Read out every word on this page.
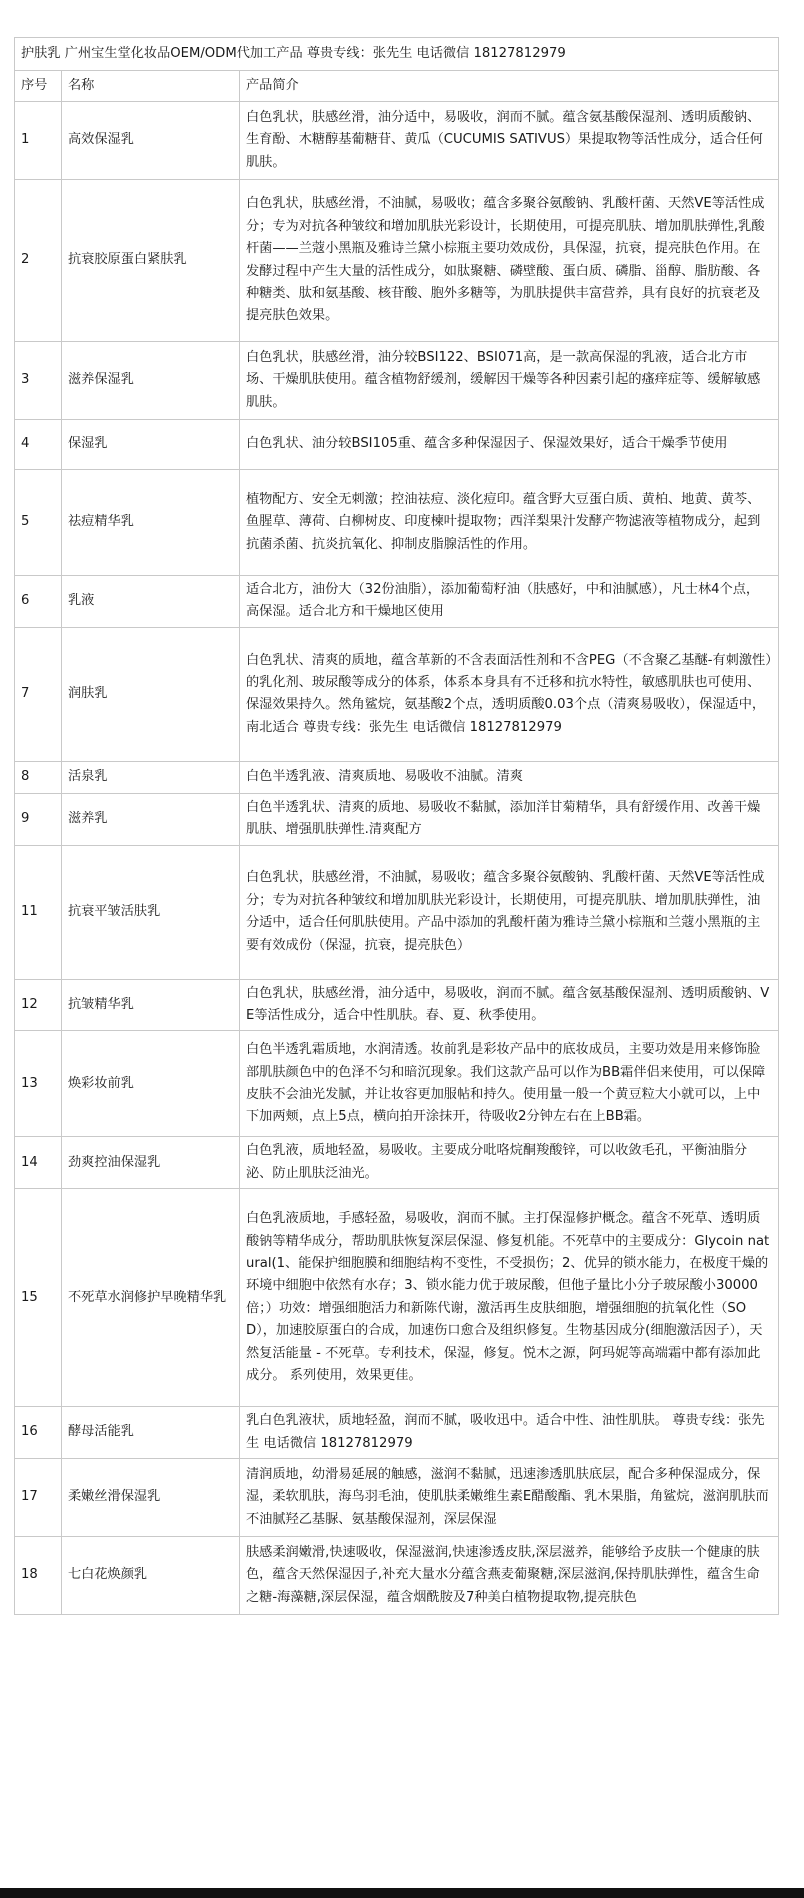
护肤乳 广州宝生堂化妆品OEM/ODM代加工产品 尊贵专线：张先生 电话微信 18127812979		
序号	名称	产品简介
1	高效保湿乳	白色乳状，肤感丝滑，油分适中，易吸收，润而不腻。蕴含氨基酸保湿剂、透明质酸钠、生育酚、木糖醇基葡糖苷、黄瓜（CUCUMIS SATIVUS）果提取物等活性成分，适合任何肌肤。
2	抗衰胶原蛋白紧肤乳	白色乳状，肤感丝滑，不油腻，易吸收；蕴含多聚谷氨酸钠、乳酸杆菌、天然VE等活性成分；专为对抗各种皱纹和增加肌肤光彩设计，长期使用，可提亮肌肤、增加肌肤弹性,乳酸杆菌——兰蔻小黑瓶及雅诗兰黛小棕瓶主要功效成份，具保湿，抗衰，提亮肤色作用。在发酵过程中产生大量的活性成分，如肽聚糖、磷壁酸、蛋白质、磷脂、甾醇、脂肪酸、各种糖类、肽和氨基酸、核苷酸、胞外多糖等，为肌肤提供丰富营养，具有良好的抗衰老及提亮肤色效果。
3	滋养保湿乳	白色乳状，肤感丝滑，油分较BSI122、BSI071高，是一款高保湿的乳液，适合北方市场、干燥肌肤使用。蕴含植物舒缓剂，缓解因干燥等各种因素引起的瘙痒症等、缓解敏感肌肤。
4	保湿乳	白色乳状、油分较BSI105重、蕴含多种保湿因子、保湿效果好，适合干燥季节使用
5	祛痘精华乳	植物配方、安全无刺激；控油祛痘、淡化痘印。蕴含野大豆蛋白质、黄柏、地黄、黄芩、鱼腥草、薄荷、白柳树皮、印度楝叶提取物；西洋梨果汁发酵产物滤液等植物成分，起到抗菌杀菌、抗炎抗氧化、抑制皮脂腺活性的作用。
6	乳液	适合北方，油份大（32份油脂），添加葡萄籽油（肤感好，中和油腻感），凡士林4个点，高保湿。适合北方和干燥地区使用
7	润肤乳	白色乳状、清爽的质地，蕴含革新的不含表面活性剂和不含PEG（不含聚乙基醚-有刺激性）的乳化剂、玻尿酸等成分的体系，体系本身具有不迁移和抗水特性，敏感肌肤也可使用、保湿效果持久。然角鲨烷，氨基酸2个点，透明质酸0.03个点（清爽易吸收），保湿适中，南北适合 尊贵专线：张先生 电话微信 18127812979
8	活泉乳	白色半透乳液、清爽质地、易吸收不油腻。清爽
9	滋养乳	白色半透乳状、清爽的质地、易吸收不黏腻，添加洋甘菊精华，具有舒缓作用、改善干燥肌肤、增强肌肤弹性.清爽配方
11	抗衰平皱活肤乳	白色乳状，肤感丝滑，不油腻，易吸收；蕴含多聚谷氨酸钠、乳酸杆菌、天然VE等活性成分；专为对抗各种皱纹和增加肌肤光彩设计，长期使用，可提亮肌肤、增加肌肤弹性，油分适中，适合任何肌肤使用。产品中添加的乳酸杆菌为雅诗兰黛小棕瓶和兰蔻小黑瓶的主要有效成份（保湿，抗衰，提亮肤色）
12	抗皱精华乳	白色乳状，肤感丝滑，油分适中，易吸收，润而不腻。蕴含氨基酸保湿剂、透明质酸钠、VE等活性成分，适合中性肌肤。春、夏、秋季使用。
13	焕彩妆前乳	白色半透乳霜质地，水润清透。妆前乳是彩妆产品中的底妆成员，主要功效是用来修饰脸部肌肤颜色中的色泽不匀和暗沉现象。我们这款产品可以作为BB霜伴侣来使用，可以保障皮肤不会油光发腻，并让妆容更加服帖和持久。使用量一般一个黄豆粒大小就可以，上中下加两颊，点上5点，横向拍开涂抹开，待吸收2分钟左右在上BB霜。
14	劲爽控油保湿乳	白色乳液，质地轻盈，易吸收。主要成分吡咯烷酮羧酸锌，可以收敛毛孔，平衡油脂分泌、防止肌肤泛油光。
15	不死草水润修护早晚精华乳	白色乳液质地，手感轻盈，易吸收，润而不腻。主打保湿修护概念。蕴含不死草、透明质酸钠等精华成分，帮助肌肤恢复深层保湿、修复机能。不死草中的主要成分：Glycoin natural(1、能保护细胞膜和细胞结构不变性，不受损伤；2、优异的锁水能力，在极度干燥的环境中细胞中依然有水存；3、锁水能力优于玻尿酸，但他子量比小分子玻尿酸小30000倍；）功效：增强细胞活力和新陈代谢，激活再生皮肤细胞，增强细胞的抗氧化性（SOD），加速胶原蛋白的合成，加速伤口愈合及组织修复。生物基因成分(细胞激活因子），天然复活能量 - 不死草。专利技术，保湿，修复。悦木之源，阿玛妮等高端霜中都有添加此成分。 系列使用，效果更佳。
16	酵母活能乳	乳白色乳液状，质地轻盈，润而不腻，吸收迅中。适合中性、油性肌肤。 尊贵专线：张先生 电话微信 18127812979
17	柔嫩丝滑保湿乳	清润质地，幼滑易延展的触感，滋润不黏腻，迅速渗透肌肤底层，配合多种保湿成分，保湿，柔软肌肤，海鸟羽毛油，使肌肤柔嫩维生素E醋酸酯、乳木果脂，角鲨烷，滋润肌肤而不油腻羟乙基脲、氨基酸保湿剂，深层保湿
18	七白花焕颜乳	肤感柔润嫩滑,快速吸收，保湿滋润,快速渗透皮肤,深层滋养，能够给予皮肤一个健康的肤色，蕴含天然保湿因子,补充大量水分蕴含燕麦葡聚糖,深层滋润,保持肌肤弹性，蕴含生命之糖-海藻糖,深层保湿，蕴含烟酰胺及7种美白植物提取物,提亮肤色
